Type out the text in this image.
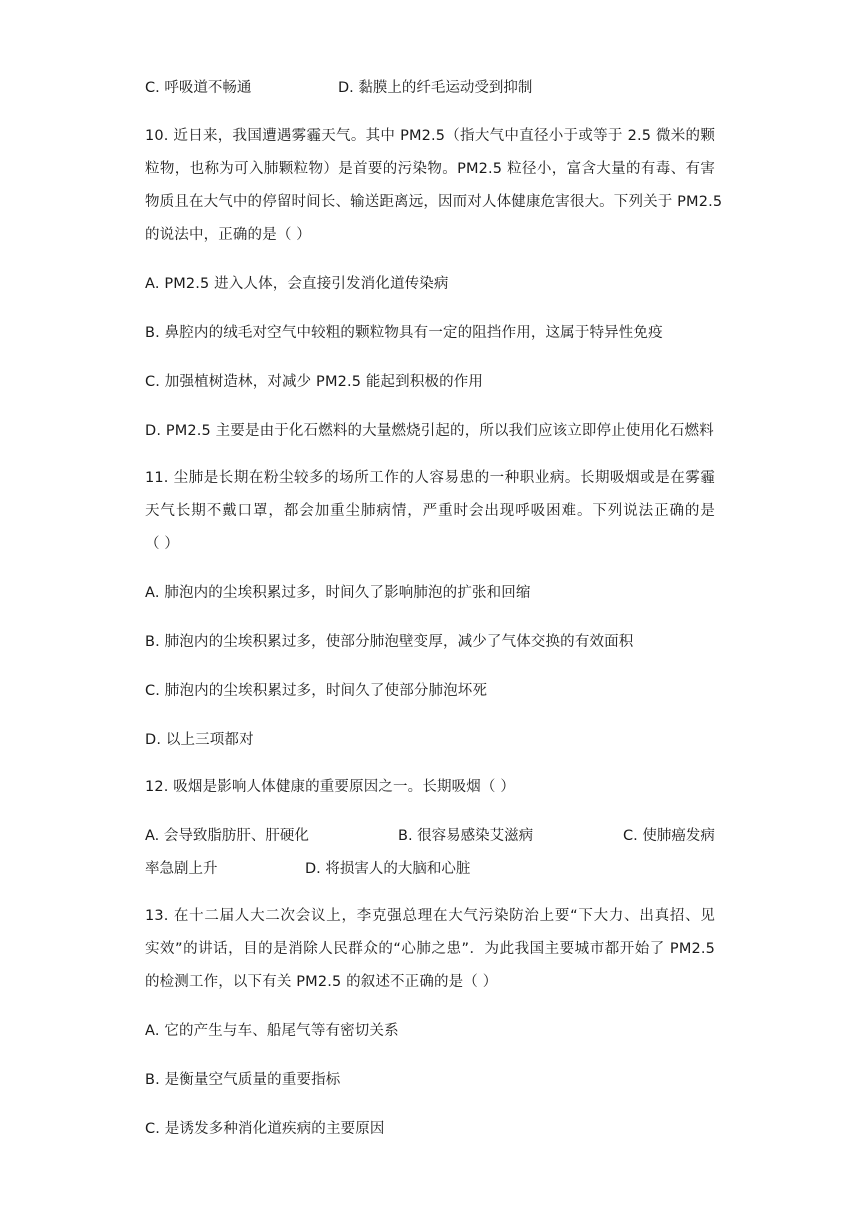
C. 呼吸道不畅通	D. 黏膜上的纤毛运动受到抑制
10. 近日来，我国遭遇雾霾天气。其中 PM2.5（指大气中直径小于或等于 2.5 微米的颗
粒物，也称为可入肺颗粒物）是首要的污染物。PM2.5 粒径小，富含大量的有毒、有害
物质且在大气中的停留时间长、输送距离远，因而对人体健康危害很大。下列关于 PM2.5
的说法中，正确的是（ ）
A. PM2.5 进入人体，会直接引发消化道传染病
B. 鼻腔内的绒毛对空气中较粗的颗粒物具有一定的阻挡作用，这属于特异性免疫
C. 加强植树造林，对减少 PM2.5 能起到积极的作用
D. PM2.5 主要是由于化石燃料的大量燃烧引起的，所以我们应该立即停止使用化石燃料
11. 尘肺是长期在粉尘较多的场所工作的人容易患的一种职业病。长期吸烟或是在雾霾
天气长期不戴口罩，都会加重尘肺病情，严重时会出现呼吸困难。下列说法正确的是
（ ）
A. 肺泡内的尘埃积累过多，时间久了影响肺泡的扩张和回缩
B. 肺泡内的尘埃积累过多，使部分肺泡壁变厚，减少了气体交换的有效面积
C. 肺泡内的尘埃积累过多，时间久了使部分肺泡坏死
D. 以上三项都对
12. 吸烟是影响人体健康的重要原因之一。长期吸烟（ ）
A. 会导致脂肪肝、肝硬化	B. 很容易感染艾滋病	C. 使肺癌发病
率急剧上升	D. 将损害人的大脑和心脏
13. 在十二届人大二次会议上，李克强总理在大气污染防治上要“下大力、出真招、见
实效”的讲话，目的是消除人民群众的“心肺之患”．为此我国主要城市都开始了 PM2.5
的检测工作，以下有关 PM2.5 的叙述不正确的是（ ）
A. 它的产生与车、船尾气等有密切关系
B. 是衡量空气质量的重要指标
C. 是诱发多种消化道疾病的主要原因
